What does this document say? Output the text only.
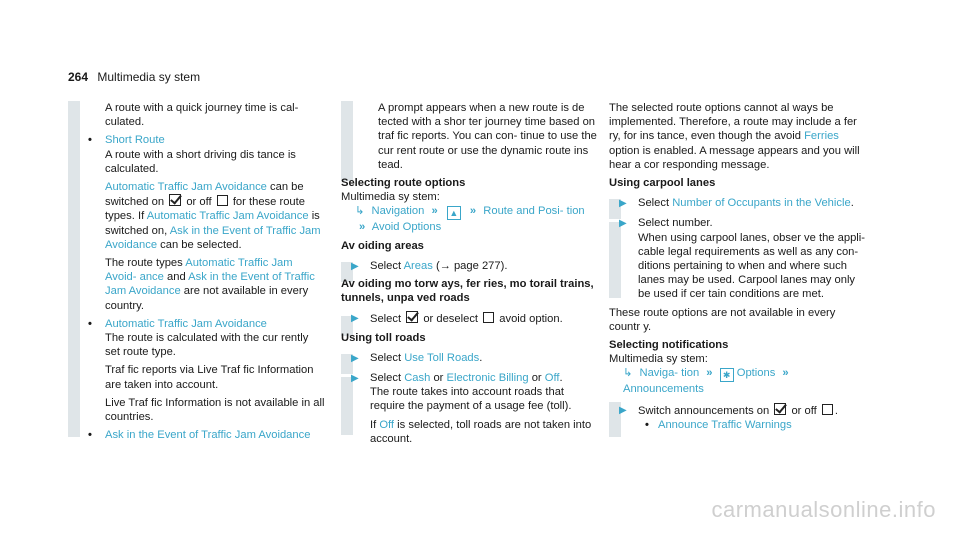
264 Multimedia sy stem
A route with a quick journey time is cal- culated.
• Short Route
A route with a short driving dis tance is calculated.
Automatic Traffic Jam Avoidance can be switched on or off for these route types. If Automatic Traffic Jam Avoidance is switched on, Ask in the Event of Traffic Jam Avoidance can be selected.
The route types Automatic Traffic Jam Avoid- ance and Ask in the Event of Traffic Jam Avoidance are not available in every country.
• Automatic Traffic Jam Avoidance
The route is calculated with the cur rently set route type.
Traf fic reports via Live Traf fic Information are taken into account.
Live Traf fic Information is not available in all countries.
• Ask in the Event of Traffic Jam Avoidance
A prompt appears when a new route is de tected with a shor ter journey time based on traf fic reports. You can con‑ tinue to use the cur rent route or use the dynamic route ins tead.
Selecting route options
Multimedia sy stem:
↳ Navigation » ▲ » Route and Posi- tion » Avoid Options
Av oiding areas
▶ Select Areas (→ page 277).
Av oiding mo torw ays, fer ries, mo torail trains, tunnels, unpa ved roads
▶ Select or deselect avoid option.
Using toll roads
▶ Select Use Toll Roads.
▶ Select Cash or Electronic Billing or Off.
The route takes into account roads that require the payment of a usage fee (toll).
If Off is selected, toll roads are not taken into account.
The selected route options cannot al ways be implemented. Therefore, a route may include a fer ry, for ins tance, even though the avoid Ferries option is enabled. A message appears and you will hear a cor responding message.
Using carpool lanes
▶ Select Number of Occupants in the Vehicle.
▶ Select number.
When using carpool lanes, obser ve the appli‑ cable legal requirements as well as any con‑ ditions pertaining to when and where such lanes may be used. Carpool lanes may only be used if cer tain conditions are met.
These route options are not available in every countr y.
Selecting notifications
Multimedia sy stem:
↳ Naviga- tion » ✱ Options » Announcements
▶ Switch announcements on or off .
• Announce Traffic Warnings
carmanualsonline.info
